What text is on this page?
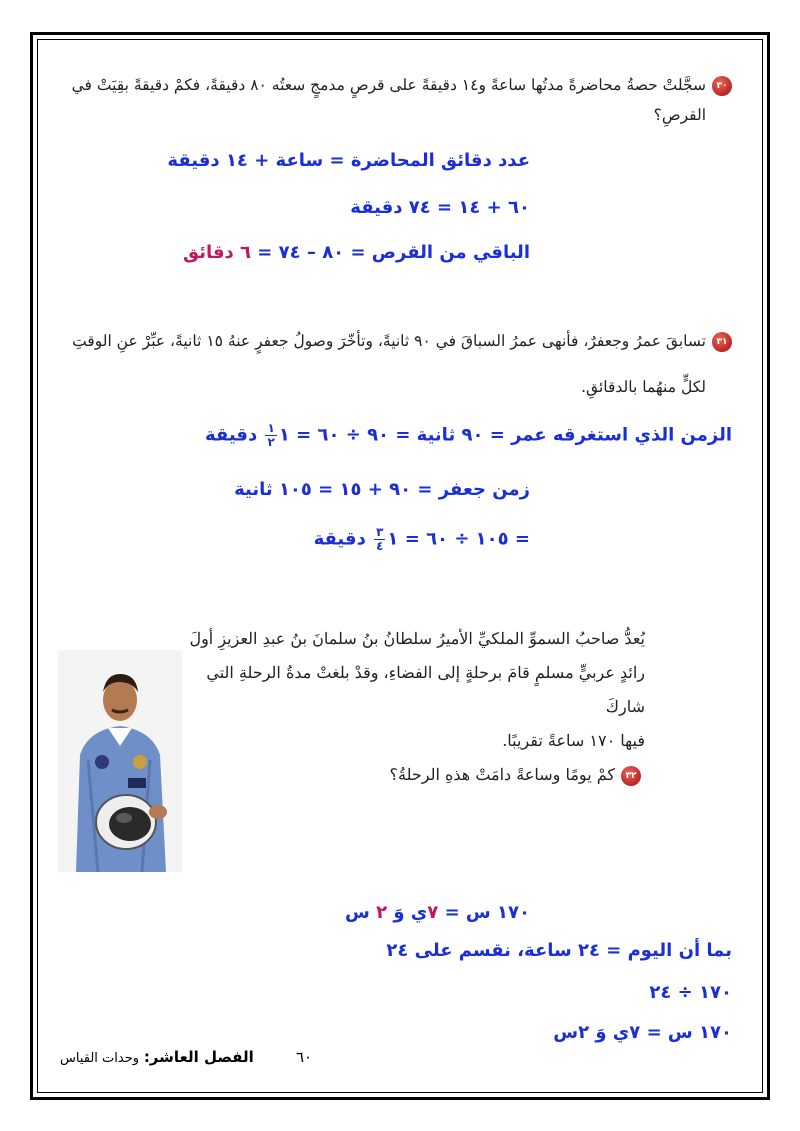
٣٠سجَّلتْ حصةُ محاضرةً مدتُها ساعةً و١٤ دقيقةً على قرصٍ مدمجٍ سعتُه ٨٠ دقيقةً، فكمْ دقيقةً بقِيَتْ في
القرصِ؟
عدد دقائق المحاضرة = ساعة + ١٤ دقيقة
٦٠ + ١٤ = ٧٤ دقيقة
الباقي من القرص = ٨٠ – ٧٤ = ٦ دقائق
٣١تسابقَ عمرُ وجعفرٌ، فأنهى عمرُ السباقَ في ٩٠ ثانيةً، وتأخّرَ وصولُ جعفرٍ عنهُ ١٥ ثانيةً، عبِّرْ عنِ الوقتِ
لكلٍّ منهُما بالدقائقِ.
الزمن الذي استغرقه عمر = ٩٠ ثانية = ٩٠ ÷ ٦٠ = ١
$\frac{١}{٢}$
دقيقة
زمن جعفر = ٩٠ + ١٥ = ١٠٥ ثانية
= ١٠٥ ÷ ٦٠ = ١
$\frac{٣}{٤}$
دقيقة
يُعدُّ صاحبُ السموِّ الملكيِّ الأميرُ سلطانُ بنُ سلمانَ بنُ عبدِ العزيزِ أولَ
رائدٍ عربيٍّ مسلمٍ قامَ برحلةٍ إلى الفضاءِ، وقدْ بلغتْ مدةُ الرحلةِ التي شاركَ
فيها ١٧٠ ساعةً تقريبًا.
٣٢كمْ يومًا وساعةً دامَتْ هذهِ الرحلةُ؟
١٧٠ س = ٧ي وَ ٢ س
بما أن اليوم = ٢٤ ساعة، نقسم على ٢٤
١٧٠ ÷ ٢٤
١٧٠ س = ٧ي وَ ٢س
٦٠
الفصل العاشر: وحدات القياس
